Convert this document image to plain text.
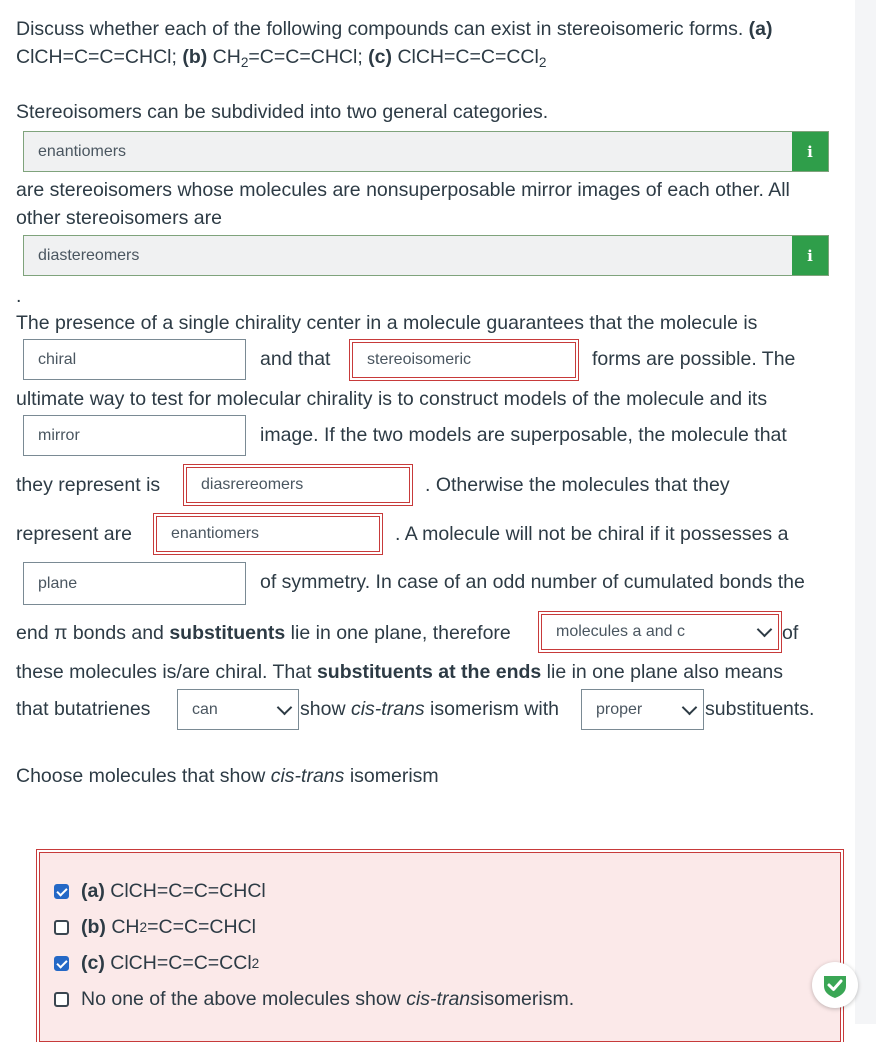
Discuss whether each of the following compounds can exist in stereoisomeric forms. (a)
ClCH=C=C=CHCl; (b) $CH_2=C=C=CHCl$; (c) ClCH=C=C=CCl$_2$
Stereoisomers can be subdivided into two general categories.
enantiomers	i
are stereoisomers whose molecules are nonsuperposable mirror images of each other. All
other stereoisomers are
diastereomers	i
.
The presence of a single chirality center in a molecule guarantees that the molecule is
chiral	and that stereoisomeric	forms are possible. The
ultimate way to test for molecular chirality is to construct models of the molecule and its
mirror	image. If the two models are superposable, the molecule that
they represent is	diasrereomers	. Otherwise the molecules that they
represent are enantiomers	. A molecule will not be chiral if it possesses a
plane	of symmetry. In case of an odd number of cumulated bonds the
end π bonds and substituents lie in one plane, therefore	molecules a and c	of
these molecules is/are chiral. That substituents at the ends lie in one plane also means
that butatrienes	can	show cis-trans isomerism with proper	substituents.
Choose molecules that show cis-trans isomerism
(a)
ClCH=C=C=CHCl
(b)
CH 2 =C=C=CHCl
(c)
ClCH=C=C=CCl 2
No one of the above molecules show
cis-trans isomerism.
